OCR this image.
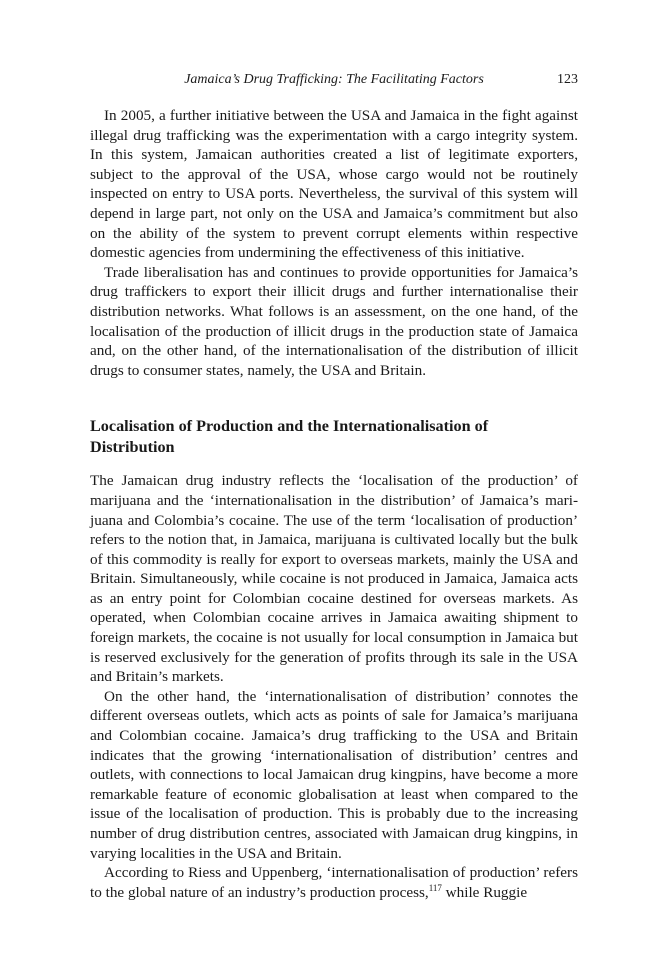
Jamaica’s Drug Trafficking: The Facilitating Factors	123

In 2005, a further initiative between the USA and Jamaica in the fight against illegal drug trafficking was the experimentation with a cargo integrity system. In this system, Jamaican authorities created a list of legitimate exporters, subject to the approval of the USA, whose cargo would not be routinely inspected on entry to USA ports. Nevertheless, the survival of this system will depend in large part, not only on the USA and Jamaica’s commitment but also on the ability of the system to prevent corrupt elements within respective domestic agencies from undermining the effectiveness of this initiative.

Trade liberalisation has and continues to provide opportunities for Jamaica’s drug traffickers to export their illicit drugs and further internationalise their distribution networks. What follows is an assessment, on the one hand, of the localisation of the production of illicit drugs in the production state of Jamaica and, on the other hand, of the internationalisation of the distribution of illicit drugs to consumer states, namely, the USA and Britain.

Localisation of Production and the Internationalisation of Distribution

The Jamaican drug industry reflects the ‘localisation of the production’ of marijuana and the ‘internationalisation in the distribution’ of Jamaica’s marijuana and Colombia’s cocaine. The use of the term ‘localisation of production’ refers to the notion that, in Jamaica, marijuana is cultivated locally but the bulk of this commodity is really for export to overseas markets, mainly the USA and Britain. Simultaneously, while cocaine is not produced in Jamaica, Jamaica acts as an entry point for Colombian cocaine destined for overseas markets. As operated, when Colombian cocaine arrives in Jamaica awaiting shipment to foreign markets, the cocaine is not usually for local consumption in Jamaica but is reserved exclusively for the generation of profits through its sale in the USA and Britain’s markets.

On the other hand, the ‘internationalisation of distribution’ connotes the different overseas outlets, which acts as points of sale for Jamaica’s marijuana and Colombian cocaine. Jamaica’s drug trafficking to the USA and Britain indicates that the growing ‘internationalisation of distribution’ centres and outlets, with connections to local Jamaican drug kingpins, have become a more remarkable feature of economic globalisation at least when compared to the issue of the localisation of production. This is probably due to the increasing number of drug distribution centres, associated with Jamaican drug kingpins, in varying localities in the USA and Britain.

According to Riess and Uppenberg, ‘internationalisation of production’ refers to the global nature of an industry’s production process,$^{117}$ while Ruggie
